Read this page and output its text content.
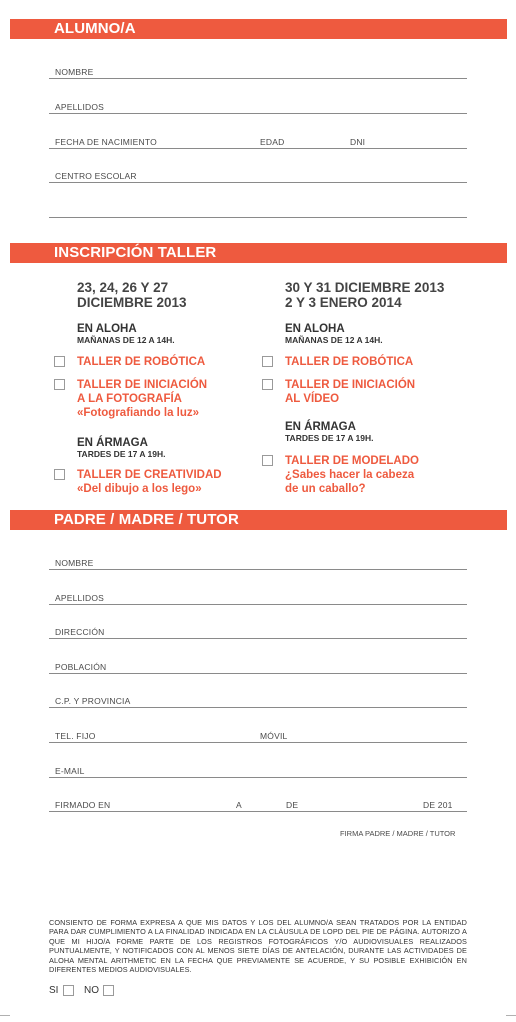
ALUMNO/A
NOMBRE
APELLIDOS
FECHA DE NACIMIENTO	EDAD	DNI
CENTRO ESCOLAR
INSCRIPCIÓN TALLER
23, 24, 26 Y 27
DICIEMBRE 2013
EN ALOHA
MAÑANAS DE 12 A 14H.
TALLER DE ROBÓTICA
TALLER DE INICIACIÓN
A LA FOTOGRAFÍA
«Fotografiando la luz»
EN ÁRMAGA
TARDES DE 17 A 19H.
TALLER DE CREATIVIDAD
«Del dibujo a los lego»
30 Y 31 DICIEMBRE 2013
2 Y 3 ENERO 2014
EN ALOHA
MAÑANAS DE 12 A 14H.
TALLER DE ROBÓTICA
TALLER DE INICIACIÓN
AL VÍDEO
EN ÁRMAGA
TARDES DE 17 A 19H.
TALLER DE MODELADO
¿Sabes hacer la cabeza
de un caballo?
PADRE / MADRE / TUTOR
NOMBRE
APELLIDOS
DIRECCIÓN
POBLACIÓN
C.P. Y PROVINCIA
TEL. FIJO	MÓVIL
E-MAIL
FIRMADO EN	A	DE	DE 201
FIRMA PADRE / MADRE / TUTOR
CONSIENTO DE FORMA EXPRESA A QUE MIS DATOS Y LOS DEL ALUMNO/A SEAN TRATADOS POR LA ENTIDAD PARA DAR CUMPLIMIENTO A LA FINALIDAD INDICADA EN LA CLÁUSULA DE LOPD DEL PIE DE PÁGINA. AUTORIZO A QUE MI HIJO/A FORME PARTE DE LOS REGISTROS FOTOGRÁFICOS Y/O AUDIOVISUALES REALIZADOS PUNTUALMENTE, Y NOTIFICADOS CON AL MENOS SIETE DÍAS DE ANTELACIÓN, DURANTE LAS ACTIVIDADES DE ALOHA MENTAL ARITHMETIC EN LA FECHA QUE PREVIAMENTE SE ACUERDE, Y SU POSIBLE EXHIBICIÓN EN DIFERENTES MEDIOS AUDIOVISUALES.
SI	NO
